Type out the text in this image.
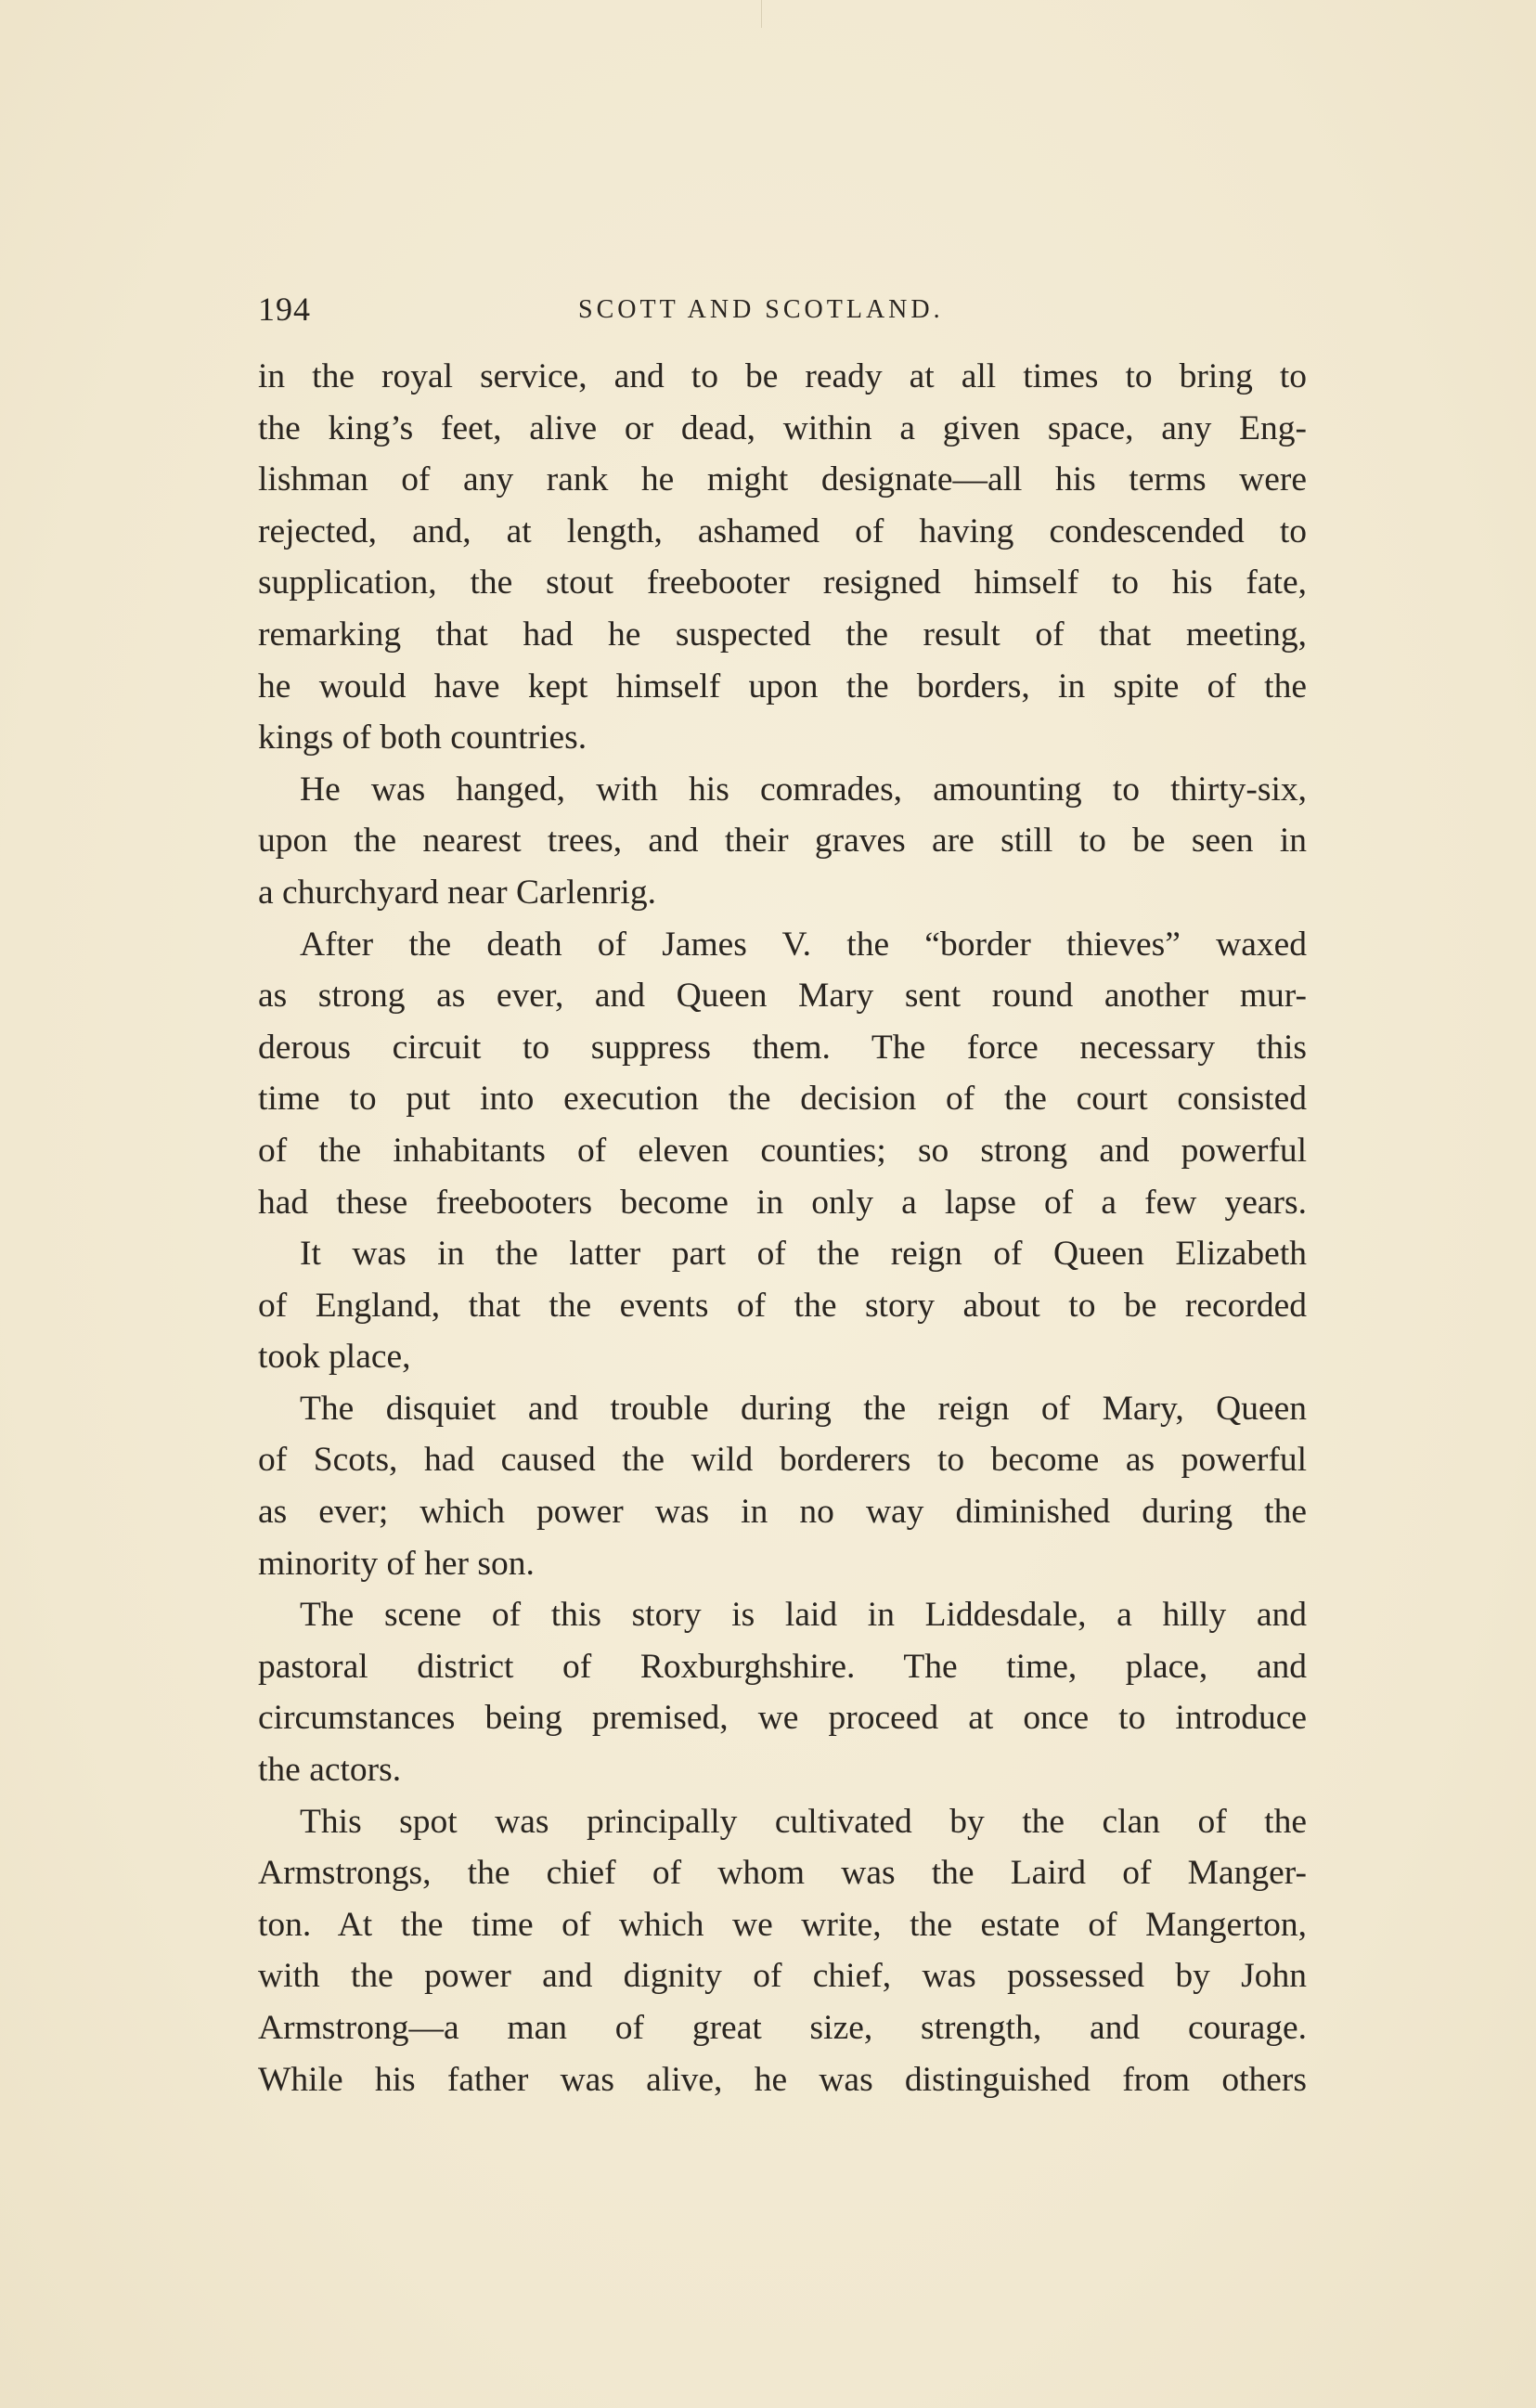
194	SCOTT AND SCOTLAND.
in the royal service, and to be ready at all times to bring to
the king’s feet, alive or dead, within a given space, any Eng-
lishman of any rank he might designate—all his terms were
rejected, and, at length, ashamed of having condescended to
supplication, the stout freebooter resigned himself to his fate,
remarking that had he suspected the result of that meeting,
he would have kept himself upon the borders, in spite of the
kings of both countries.
He was hanged, with his comrades, amounting to thirty-six,
upon the nearest trees, and their graves are still to be seen in
a churchyard near Carlenrig.
After the death of James V. the “border thieves” waxed
as strong as ever, and Queen Mary sent round another mur-
derous circuit to suppress them. The force necessary this
time to put into execution the decision of the court consisted
of the inhabitants of eleven counties; so strong and powerful
had these freebooters become in only a lapse of a few years.
It was in the latter part of the reign of Queen Elizabeth
of England, that the events of the story about to be recorded
took place,
The disquiet and trouble during the reign of Mary, Queen
of Scots, had caused the wild borderers to become as powerful
as ever; which power was in no way diminished during the
minority of her son.
The scene of this story is laid in Liddesdale, a hilly and
pastoral district of Roxburghshire. The time, place, and
circumstances being premised, we proceed at once to introduce
the actors.
This spot was principally cultivated by the clan of the
Armstrongs, the chief of whom was the Laird of Manger-
ton. At the time of which we write, the estate of Mangerton,
with the power and dignity of chief, was possessed by John
Armstrong—a man of great size, strength, and courage.
While his father was alive, he was distinguished from others
